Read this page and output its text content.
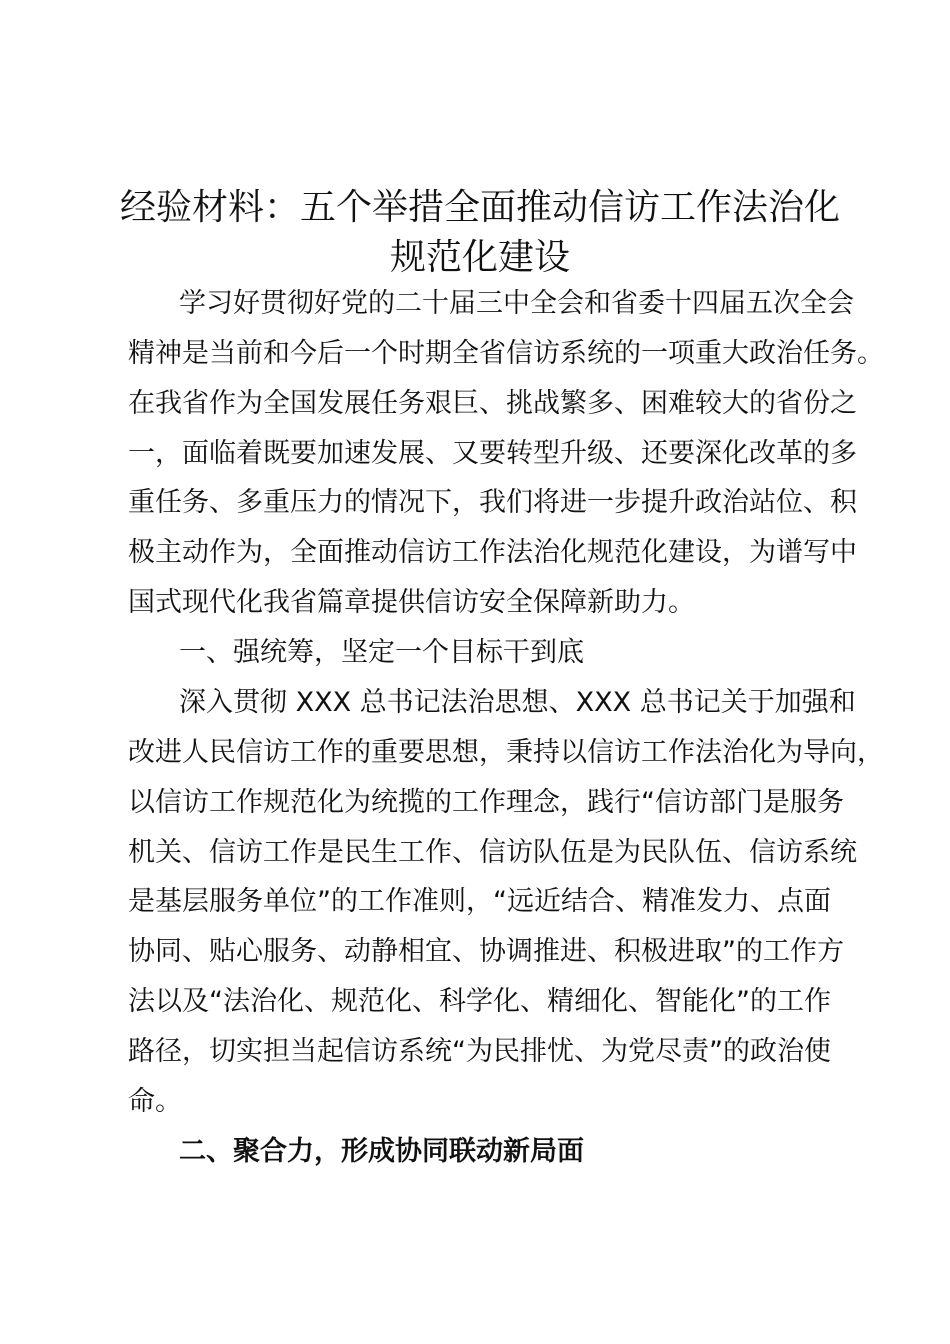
经验材料：五个举措全面推动信访工作法治化
规范化建设
学习好贯彻好党的二十届三中全会和省委十四届五次全会
精神是当前和今后一个时期全省信访系统的一项重大政治任务。
在我省作为全国发展任务艰巨、挑战繁多、困难较大的省份之
一，面临着既要加速发展、又要转型升级、还要深化改革的多
重任务、多重压力的情况下，我们将进一步提升政治站位、积
极主动作为，全面推动信访工作法治化规范化建设，为谱写中
国式现代化我省篇章提供信访安全保障新助力。
一、强统筹，坚定一个目标干到底
深入贯彻 XXX 总书记法治思想、XXX 总书记关于加强和
改进人民信访工作的重要思想，秉持以信访工作法治化为导向，
以信访工作规范化为统揽的工作理念，践行“信访部门是服务
机关、信访工作是民生工作、信访队伍是为民队伍、信访系统
是基层服务单位”的工作准则，“远近结合、精准发力、点面
协同、贴心服务、动静相宜、协调推进、积极进取”的工作方
法以及“法治化、规范化、科学化、精细化、智能化”的工作
路径，切实担当起信访系统“为民排忧、为党尽责”的政治使
命。
二、聚合力，形成协同联动新局面
